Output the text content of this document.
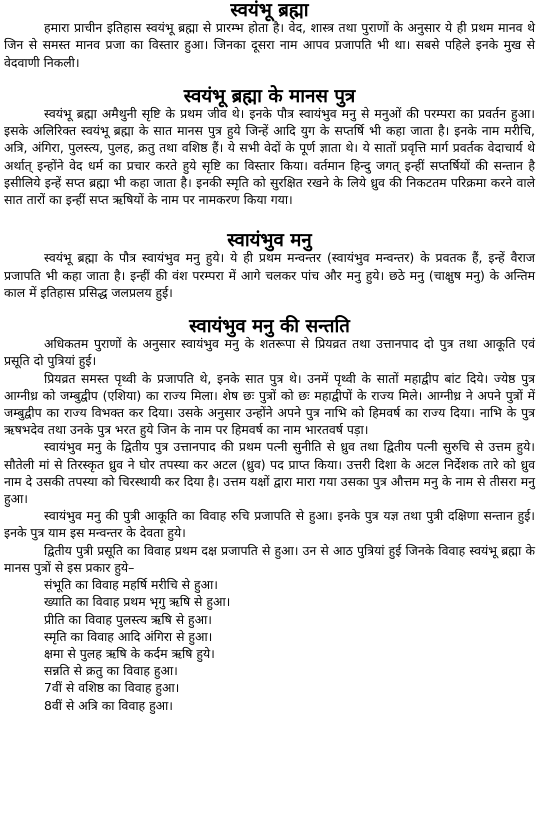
स्वयंभू ब्रह्मा

हमारा प्राचीन इतिहास स्वयंभू ब्रह्मा से प्रारम्भ होता है। वेद, शास्त्र तथा पुराणों के अनुसार ये ही प्रथम मानव थे जिन से समस्त मानव प्रजा का विस्तार हुआ। जिनका दूसरा नाम आपव प्रजापति भी था। सबसे पहिले इनके मुख से वेदवाणी निकली।

स्वयंभू ब्रह्मा के मानस पुत्र

स्वयंभू ब्रह्मा अमैथुनी सृष्टि के प्रथम जीव थे। इनके पौत्र स्वायंभुव मनु से मनुओं की परम्परा का प्रवर्तन हुआ। इसके अलिरिक्त स्वयंभू ब्रह्मा के सात मानस पुत्र हुये जिन्हें आदि युग के सप्तर्षि भी कहा जाता है। इनके नाम मरीचि, अत्रि, अंगिरा, पुलस्त्य, पुलह, क्रतु तथा वशिष्ठ हैं। ये सभी वेदों के पूर्ण ज्ञाता थे। ये सातों प्रवृत्ति मार्ग प्रवर्तक वेदाचार्य थे अर्थात्‌ इन्होंने वेद धर्म का प्रचार करते हुये सृष्टि का विस्तार किया। वर्तमान हिन्दु जगत्‌ इन्हीं सप्तर्षियों की सन्तान है इसीलिये इन्हें सप्त ब्रह्मा भी कहा जाता है। इनकी स्मृति को सुरक्षित रखने के लिये ध्रुव की निकटतम परिक्रमा करने वाले सात तारों का इन्हीं सप्त ऋषियों के नाम पर नामकरण किया गया।

स्वायंभुव मनु

स्वयंभू ब्रह्मा के पौत्र स्वायंभुव मनु हुये। ये ही प्रथम मन्वन्तर (स्वायंभुव मन्वन्तर) के प्रवतक हैं, इन्हें वैराज प्रजापति भी कहा जाता है। इन्हीं की वंश परम्परा में आगे चलकर पांच और मनु हुये। छठे मनु (चाक्षुष मनु) के अन्तिम काल में इतिहास प्रसिद्ध जलप्रलय हुई।

स्वायंभुव मनु की सन्तति

अधिकतम पुराणों के अनुसार स्वायंभुव मनु के शतरूपा से प्रियव्रत तथा उत्तानपाद दो पुत्र तथा आकूति एवं प्रसूति दो पुत्रियां हुई।

प्रियव्रत समस्त पृथ्वी के प्रजापति थे, इनके सात पुत्र थे। उनमें पृथ्वी के सातों महाद्वीप बांट दिये। ज्येष्ठ पुत्र आग्नीध्र को जम्बुद्वीप (एशिया) का राज्य मिला। शेष छः पुत्रों को छः महाद्वीपों के राज्य मिले। आग्नीध्र ने अपने पुत्रों में जम्बुद्वीप का राज्य विभक्त कर दिया। उसके अनुसार उन्होंने अपने पुत्र नाभि को हिमवर्ष का राज्य दिया। नाभि के पुत्र ऋषभदेव तथा उनके पुत्र भरत हुये जिन के नाम पर हिमवर्ष का नाम भारतवर्ष पड़ा।

स्वायंभुव मनु के द्वितीय पुत्र उत्तानपाद की प्रथम पत्नी सुनीति से ध्रुव तथा द्वितीय पत्नी सुरुचि से उत्तम हुये। सौतेली मां से तिरस्कृत ध्रुव ने घोर तपस्या कर अटल (ध्रुव) पद प्राप्त किया। उत्तरी दिशा के अटल निर्देशक तारे को ध्रुव नाम दे उसकी तपस्या को चिरस्थायी कर दिया है। उत्तम यक्षों द्वारा मारा गया उसका पुत्र औत्तम मनु के नाम से तीसरा मनु हुआ।

स्वायंभुव मनु की पुत्री आकूति का विवाह रुचि प्रजापति से हुआ। इनके पुत्र यज्ञ तथा पुत्री दक्षिणा सन्तान हुई। इनके पुत्र याम इस मन्वन्तर के देवता हुये।

द्वितीय पुत्री प्रसूति का विवाह प्रथम दक्ष प्रजापति से हुआ। उन से आठ पुत्रियां हुई जिनके विवाह स्वयंभू ब्रह्मा के मानस पुत्रों से इस प्रकार हुये–

संभूति का विवाह महर्षि मरीचि से हुआ।
ख्याति का विवाह प्रथम भृगु ऋषि से हुआ।
प्रीति का विवाह पुलस्त्य ऋषि से हुआ।
स्मृति का विवाह आदि अंगिरा से हुआ।
क्षमा से पुलह ऋषि के कर्दम ऋषि हुये।
सन्नति से क्रतु का विवाह हुआ।
7वीं से वशिष्ठ का विवाह हुआ।
8वीं से अत्रि का विवाह हुआ।
